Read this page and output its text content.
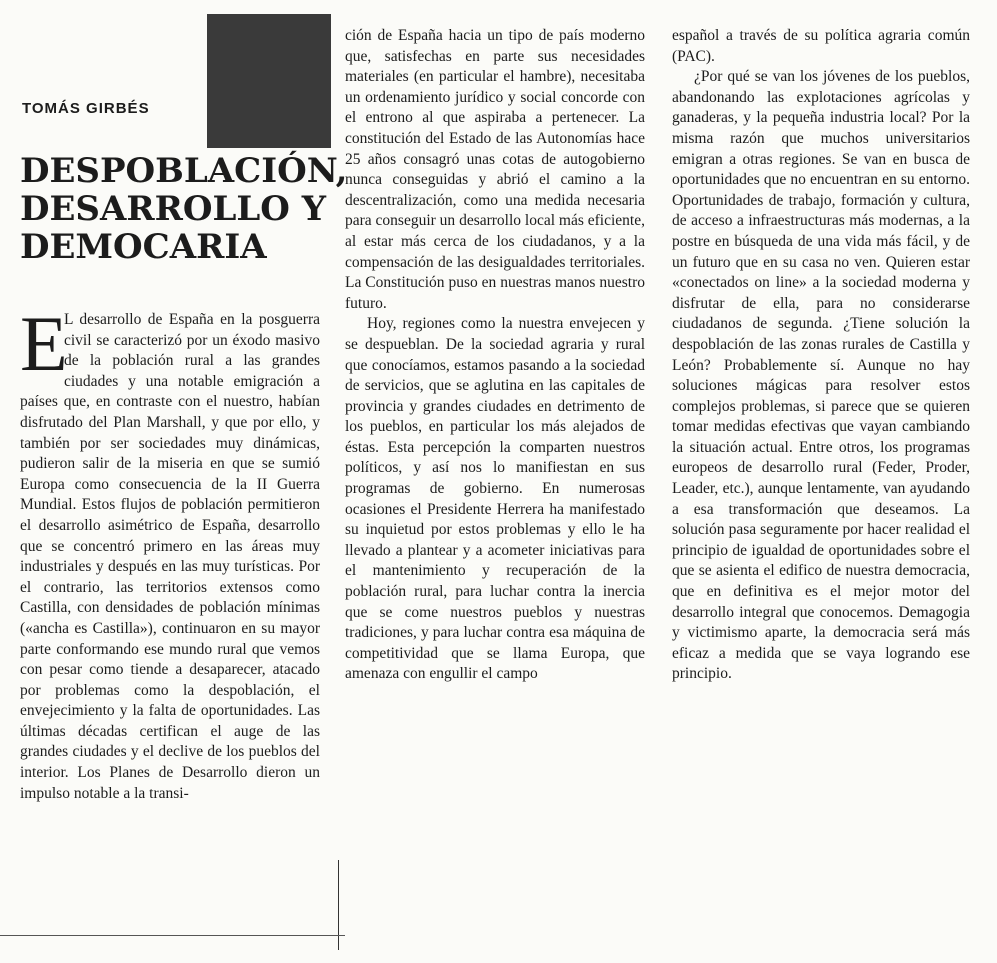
TOMÁS GIRBÉS
DESPOBLACIÓN,
DESARROLLO Y
DEMOCARIA
E

L desarrollo de España en la posguerra civil se caracterizó por un éxodo masivo de la población rural a las grandes ciudades y una notable emigración a países que, en contraste con el nuestro, habían disfrutado del Plan Marshall, y que por ello, y también por ser sociedades muy dinámicas, pudieron salir de la miseria en que se sumió Europa como consecuencia de la II Guerra Mundial. Estos flujos de población permitieron el desarrollo asimétrico de España, desarrollo que se concentró primero en las áreas muy industriales y después en las muy turísticas. Por el contrario, las territorios extensos como Castilla, con densidades de población mínimas («ancha es Castilla»), continuaron en su mayor parte conformando ese mundo rural que vemos con pesar como tiende a desaparecer, atacado por problemas como la despoblación, el envejecimiento y la falta de oportunidades. Las últimas décadas certifican el auge de las grandes ciudades y el declive de los pueblos del interior. Los Planes de Desarrollo dieron un impulso notable a la transi-

ción de España hacia un tipo de país moderno que, satisfechas en parte sus necesidades materiales (en particular el hambre), necesitaba un ordenamiento jurídico y social concorde con el entrono al que aspiraba a pertenecer. La constitución del Estado de las Autonomías hace 25 años consagró unas cotas de autogobierno nunca conseguidas y abrió el camino a la descentralización, como una medida necesaria para conseguir un desarrollo local más eficiente, al estar más cerca de los ciudadanos, y a la compensación de las desigualdades territoriales. La Constitución puso en nuestras manos nuestro futuro.

Hoy, regiones como la nuestra envejecen y se despueblan. De la sociedad agraria y rural que conocíamos, estamos pasando a la sociedad de servicios, que se aglutina en las capitales de provincia y grandes ciudades en detrimento de los pueblos, en particular los más alejados de éstas. Esta percepción la comparten nuestros políticos, y así nos lo manifiestan en sus programas de gobierno. En numerosas ocasiones el Presidente Herrera ha manifestado su inquietud por estos problemas y ello le ha llevado a plantear y a acometer iniciativas para el mantenimiento y recuperación de la población rural, para luchar contra la inercia que se come nuestros pueblos y nuestras tradiciones, y para luchar contra esa máquina de competitividad que se llama Europa, que amenaza con engullir el campo

español a través de su política agraria común (PAC).

¿Por qué se van los jóvenes de los pueblos, abandonando las explotaciones agrícolas y ganaderas, y la pequeña industria local? Por la misma razón que muchos universitarios emigran a otras regiones. Se van en busca de oportunidades que no encuentran en su entorno. Oportunidades de trabajo, formación y cultura, de acceso a infraestructuras más modernas, a la postre en búsqueda de una vida más fácil, y de un futuro que en su casa no ven. Quieren estar «conectados on line» a la sociedad moderna y disfrutar de ella, para no considerarse ciudadanos de segunda. ¿Tiene solución la despoblación de las zonas rurales de Castilla y León? Probablemente sí. Aunque no hay soluciones mágicas para resolver estos complejos problemas, si parece que se quieren tomar medidas efectivas que vayan cambiando la situación actual. Entre otros, los programas europeos de desarrollo rural (Feder, Proder, Leader, etc.), aunque lentamente, van ayudando a esa transformación que deseamos. La solución pasa seguramente por hacer realidad el principio de igualdad de oportunidades sobre el que se asienta el edifico de nuestra democracia, que en definitiva es el mejor motor del desarrollo integral que conocemos. Demagogia y victimismo aparte, la democracia será más eficaz a medida que se vaya logrando ese principio.
